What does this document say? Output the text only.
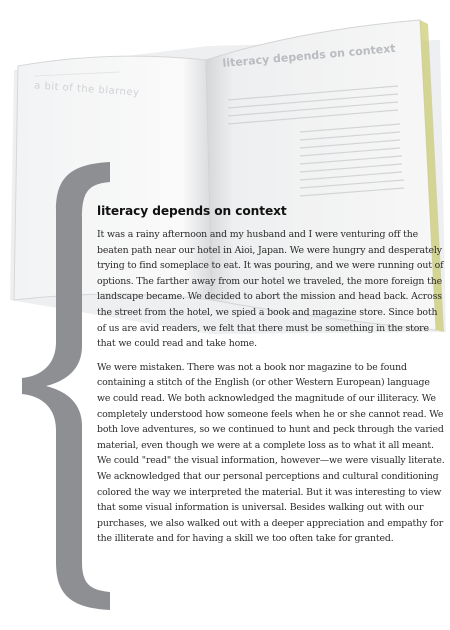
a bit of the blarney
literacy depends on context
literacy depends on context

It was a rainy afternoon and my husband and I were venturing off the beaten path near our hotel in Aioi, Japan. We were hungry and desperately trying to find someplace to eat. It was pouring, and we were running out of options. The farther away from our hotel we traveled, the more foreign the landscape became. We decided to abort the mission and head back. Across the street from the hotel, we spied a book and magazine store. Since both of us are avid readers, we felt that there must be something in the store that we could read and take home.

We were mistaken. There was not a book nor magazine to be found containing a stitch of the English (or other Western European) language we could read. We both acknowledged the magnitude of our illiteracy. We completely understood how someone feels when he or she cannot read. We both love adventures, so we continued to hunt and peck through the varied material, even though we were at a complete loss as to what it all meant. We could "read" the visual information, however—we were visually literate. We acknowledged that our personal perceptions and cultural conditioning colored the way we interpreted the material. But it was interesting to view that some visual information is universal. Besides walking out with our purchases, we also walked out with a deeper appreciation and empathy for the illiterate and for having a skill we too often take for granted.
